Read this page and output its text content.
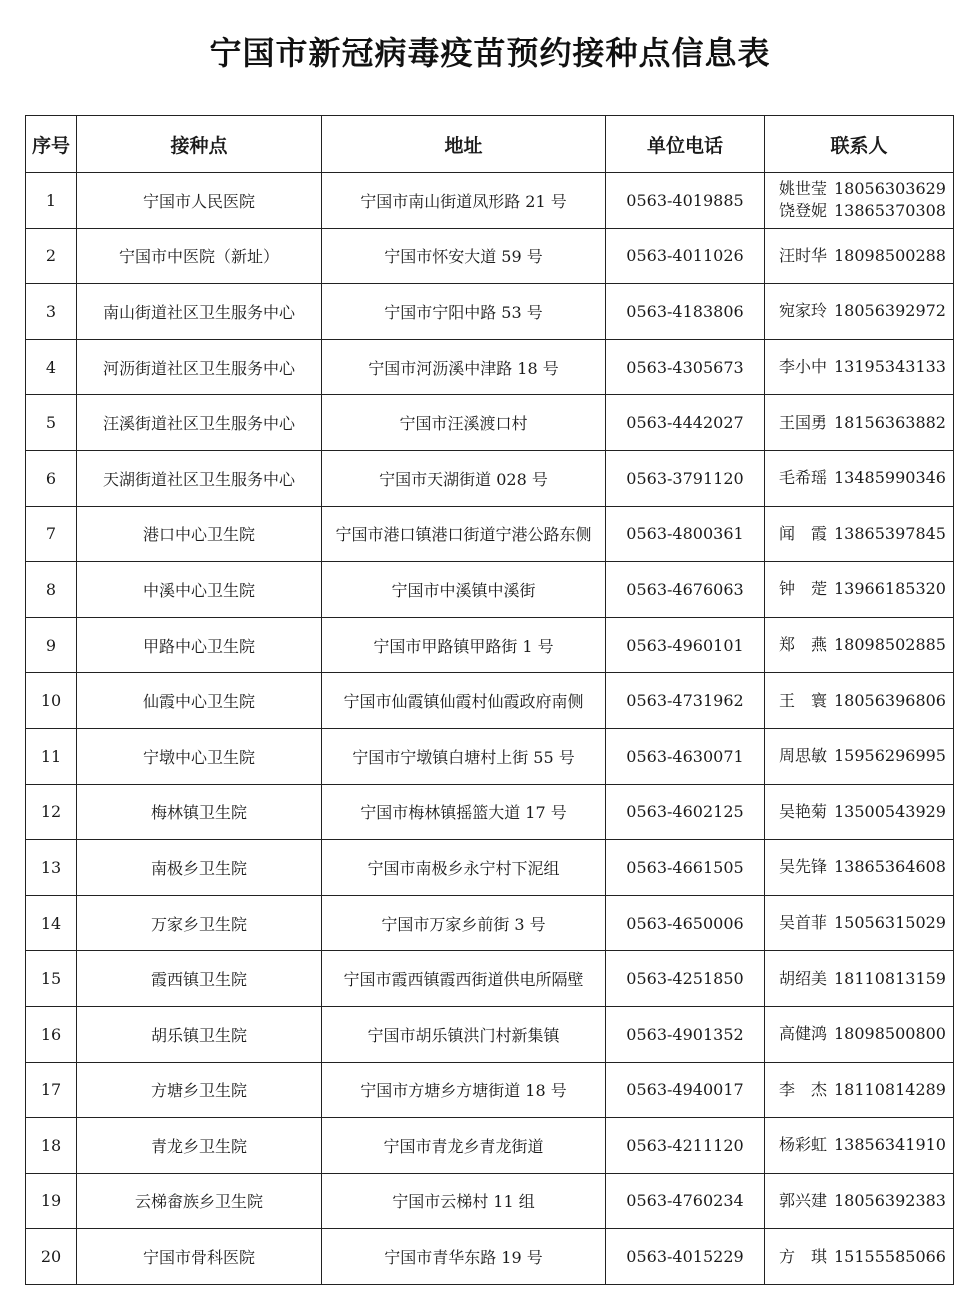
宁国市新冠病毒疫苗预约接种点信息表
序号	接种点	地址	单位电话	联系人
1	宁国市人民医院	宁国市南山街道凤形路 21 号	0563-4019885	姚世莹 18056303629
饶登妮 13865370308

2	宁国市中医院（新址）	宁国市怀安大道 59 号	0563-4011026	汪时华 18098500288

3	南山街道社区卫生服务中心	宁国市宁阳中路 53 号	0563-4183806	宛家玲 18056392972

4	河沥街道社区卫生服务中心	宁国市河沥溪中津路 18 号	0563-4305673	李小中 13195343133

5	汪溪街道社区卫生服务中心	宁国市汪溪渡口村	0563-4442027	王国勇 18156363882

6	天湖街道社区卫生服务中心	宁国市天湖街道 028 号	0563-3791120	毛希瑶 13485990346

7	港口中心卫生院	宁国市港口镇港口街道宁港公路东侧	0563-4800361	闻　霞 13865397845

8	中溪中心卫生院	宁国市中溪镇中溪街	0563-4676063	钟　萣 13966185320

9	甲路中心卫生院	宁国市甲路镇甲路街 1 号	0563-4960101	郑　燕 18098502885

10	仙霞中心卫生院	宁国市仙霞镇仙霞村仙霞政府南侧	0563-4731962	王　寰 18056396806

11	宁墩中心卫生院	宁国市宁墩镇白塘村上街 55 号	0563-4630071	周思敏 15956296995

12	梅林镇卫生院	宁国市梅林镇摇篮大道 17 号	0563-4602125	吴艳菊 13500543929

13	南极乡卫生院	宁国市南极乡永宁村下泥组	0563-4661505	吴先锋 13865364608

14	万家乡卫生院	宁国市万家乡前街 3 号	0563-4650006	吴首菲 15056315029

15	霞西镇卫生院	宁国市霞西镇霞西街道供电所隔壁	0563-4251850	胡绍美 18110813159

16	胡乐镇卫生院	宁国市胡乐镇洪门村新集镇	0563-4901352	高健鸿 18098500800

17	方塘乡卫生院	宁国市方塘乡方塘街道 18 号	0563-4940017	李　杰 18110814289

18	青龙乡卫生院	宁国市青龙乡青龙街道	0563-4211120	杨彩虹 13856341910

19	云梯畲族乡卫生院	宁国市云梯村 11 组	0563-4760234	郭兴建 18056392383

20	宁国市骨科医院	宁国市青华东路 19 号	0563-4015229	方　琪 15155585066
